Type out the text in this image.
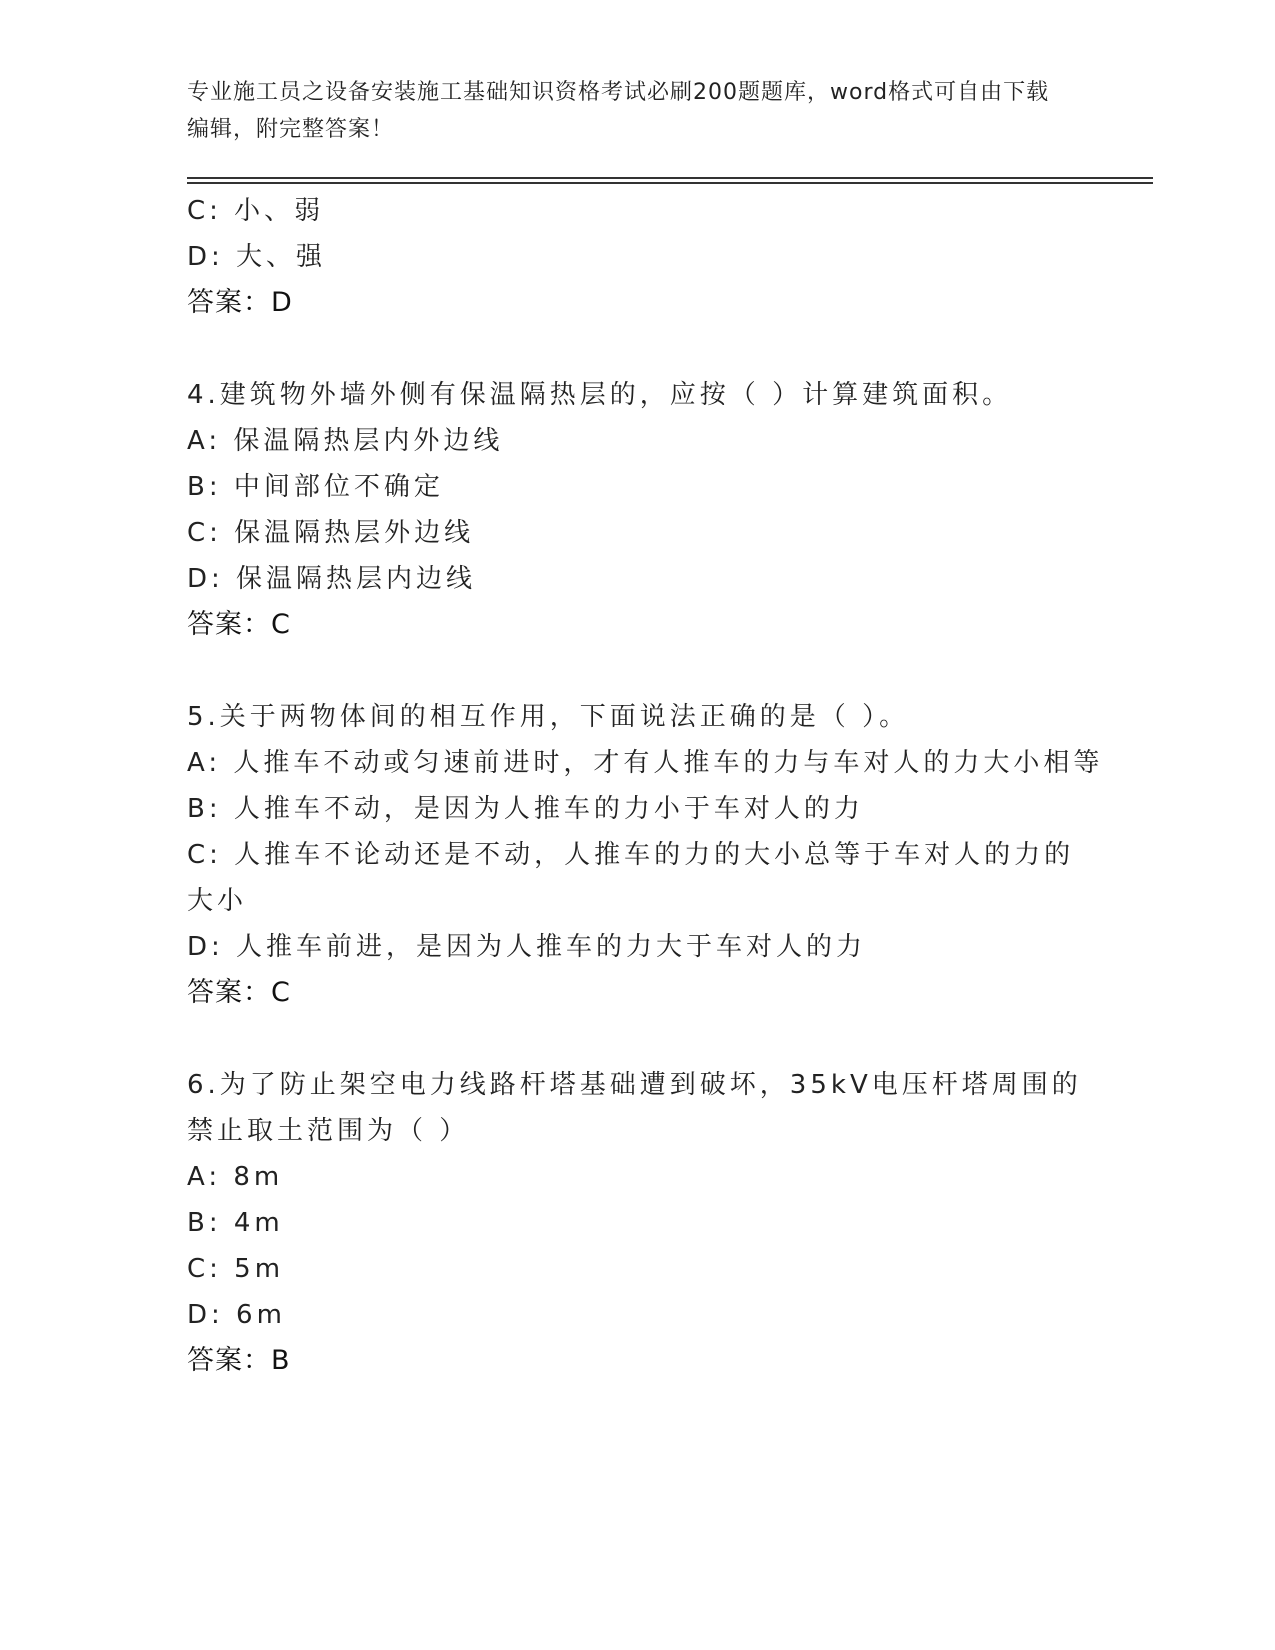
专业施工员之设备安装施工基础知识资格考试必刷200题题库，word格式可自由下载编辑，附完整答案！
C: 小、弱
D: 大、强
答案：D
4.建筑物外墙外侧有保温隔热层的，应按（ ）计算建筑面积。
A: 保温隔热层内外边线
B: 中间部位不确定
C: 保温隔热层外边线
D: 保温隔热层内边线
答案：C
5.关于两物体间的相互作用，下面说法正确的是（ ）。
A: 人推车不动或匀速前进时，才有人推车的力与车对人的力大小相等
B: 人推车不动，是因为人推车的力小于车对人的力
C: 人推车不论动还是不动，人推车的力的大小总等于车对人的力的大小
D: 人推车前进，是因为人推车的力大于车对人的力
答案：C
6.为了防止架空电力线路杆塔基础遭到破坏，35kV电压杆塔周围的禁止取土范围为（ ）
A: 8m
B: 4m
C: 5m
D: 6m
答案：B
